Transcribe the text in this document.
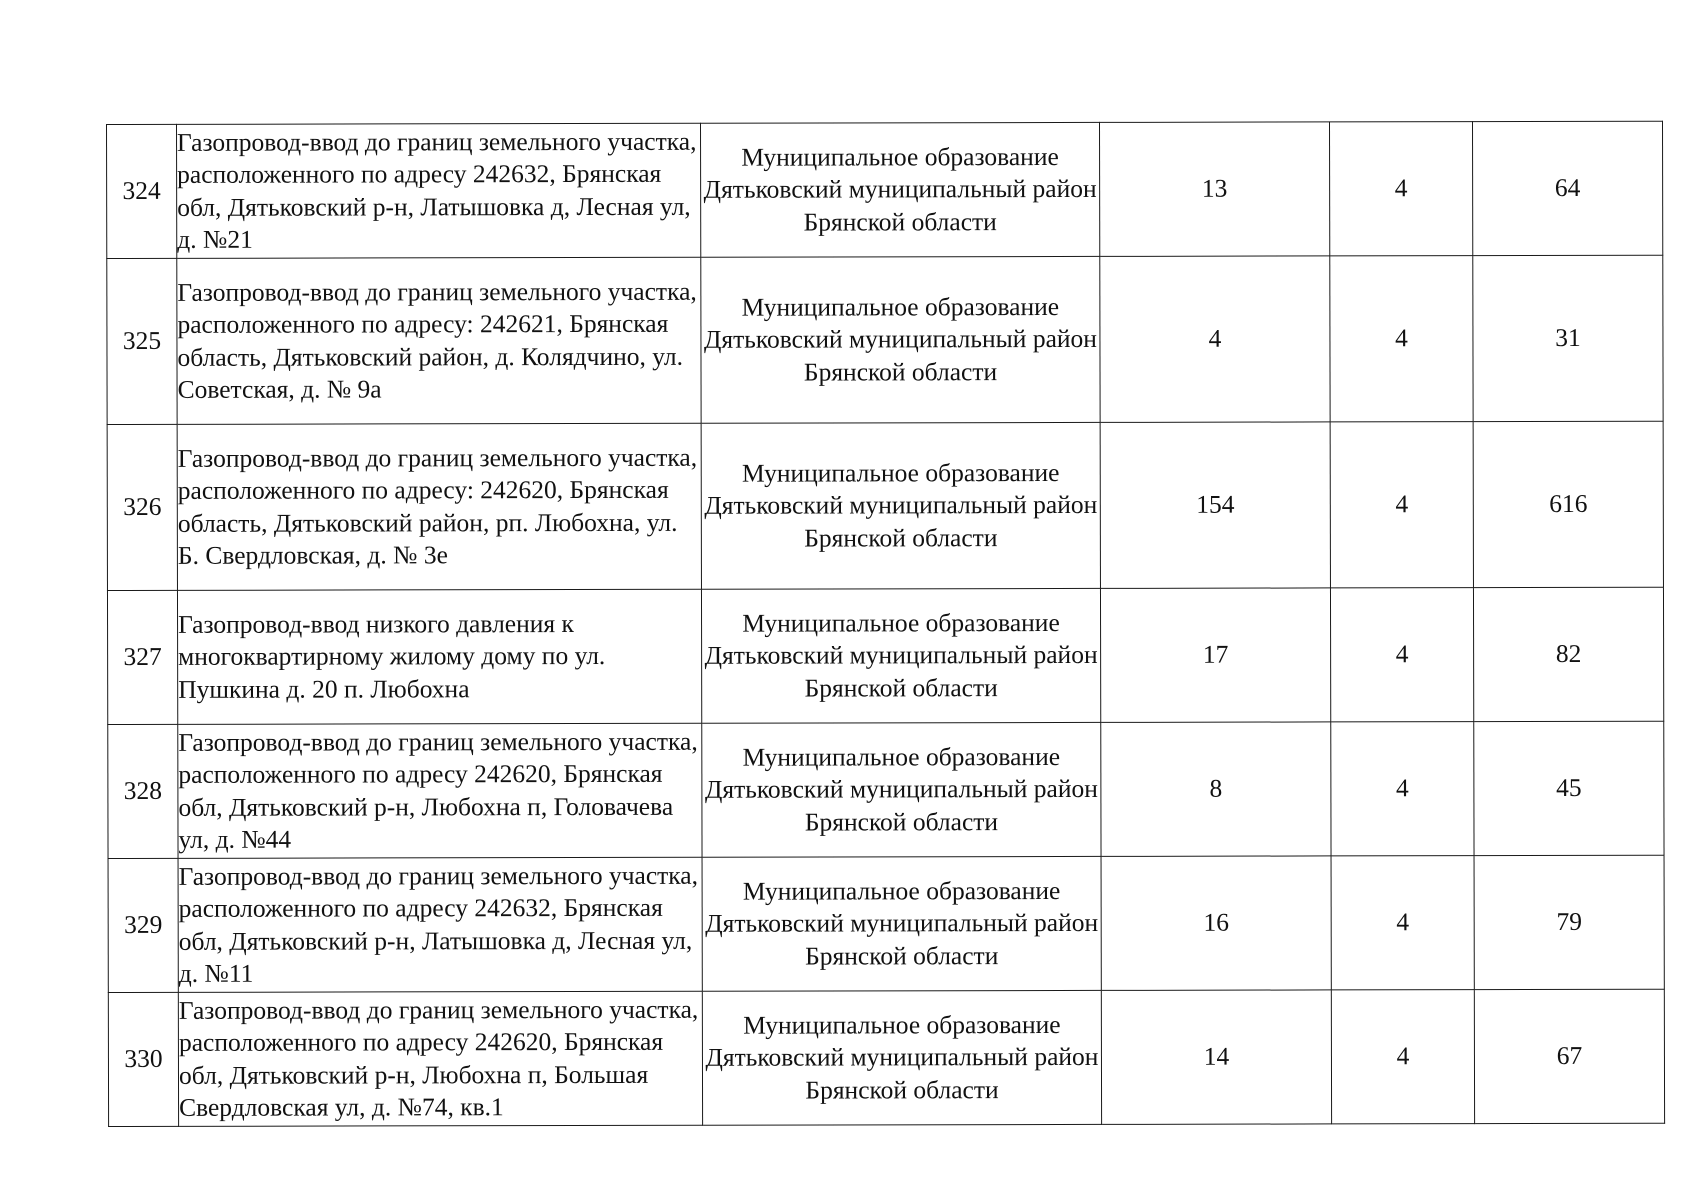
324	Газопровод-ввод до границ земельного участка, расположенного по адресу 242632, Брянская обл, Дятьковский р-н, Латышовка д, Лесная ул, д. №21	Муниципальное образование Дятьковский муниципальный район Брянской области	13	4	64
325	Газопровод-ввод до границ земельного участка, расположенного по адресу: 242621, Брянская область, Дятьковский район, д. Колядчино, ул. Советская, д. № 9а	Муниципальное образование Дятьковский муниципальный район Брянской области	4	4	31
326	Газопровод-ввод до границ земельного участка, расположенного по адресу: 242620, Брянская область, Дятьковский район, рп. Любохна, ул. Б. Свердловская, д. № 3е	Муниципальное образование Дятьковский муниципальный район Брянской области	154	4	616
327	Газопровод-ввод низкого давления к многоквартирному жилому дому по ул. Пушкина д. 20 п. Любохна	Муниципальное образование Дятьковский муниципальный район Брянской области	17	4	82
328	Газопровод-ввод до границ земельного участка, расположенного по адресу 242620, Брянская обл, Дятьковский р-н, Любохна п, Головачева ул, д. №44	Муниципальное образование Дятьковский муниципальный район Брянской области	8	4	45
329	Газопровод-ввод до границ земельного участка, расположенного по адресу 242632, Брянская обл, Дятьковский р-н, Латышовка д, Лесная ул, д. №11	Муниципальное образование Дятьковский муниципальный район Брянской области	16	4	79
330	Газопровод-ввод до границ земельного участка, расположенного по адресу 242620, Брянская обл, Дятьковский р-н, Любохна п, Большая Свердловская ул, д. №74, кв.1	Муниципальное образование Дятьковский муниципальный район Брянской области	14	4	67
